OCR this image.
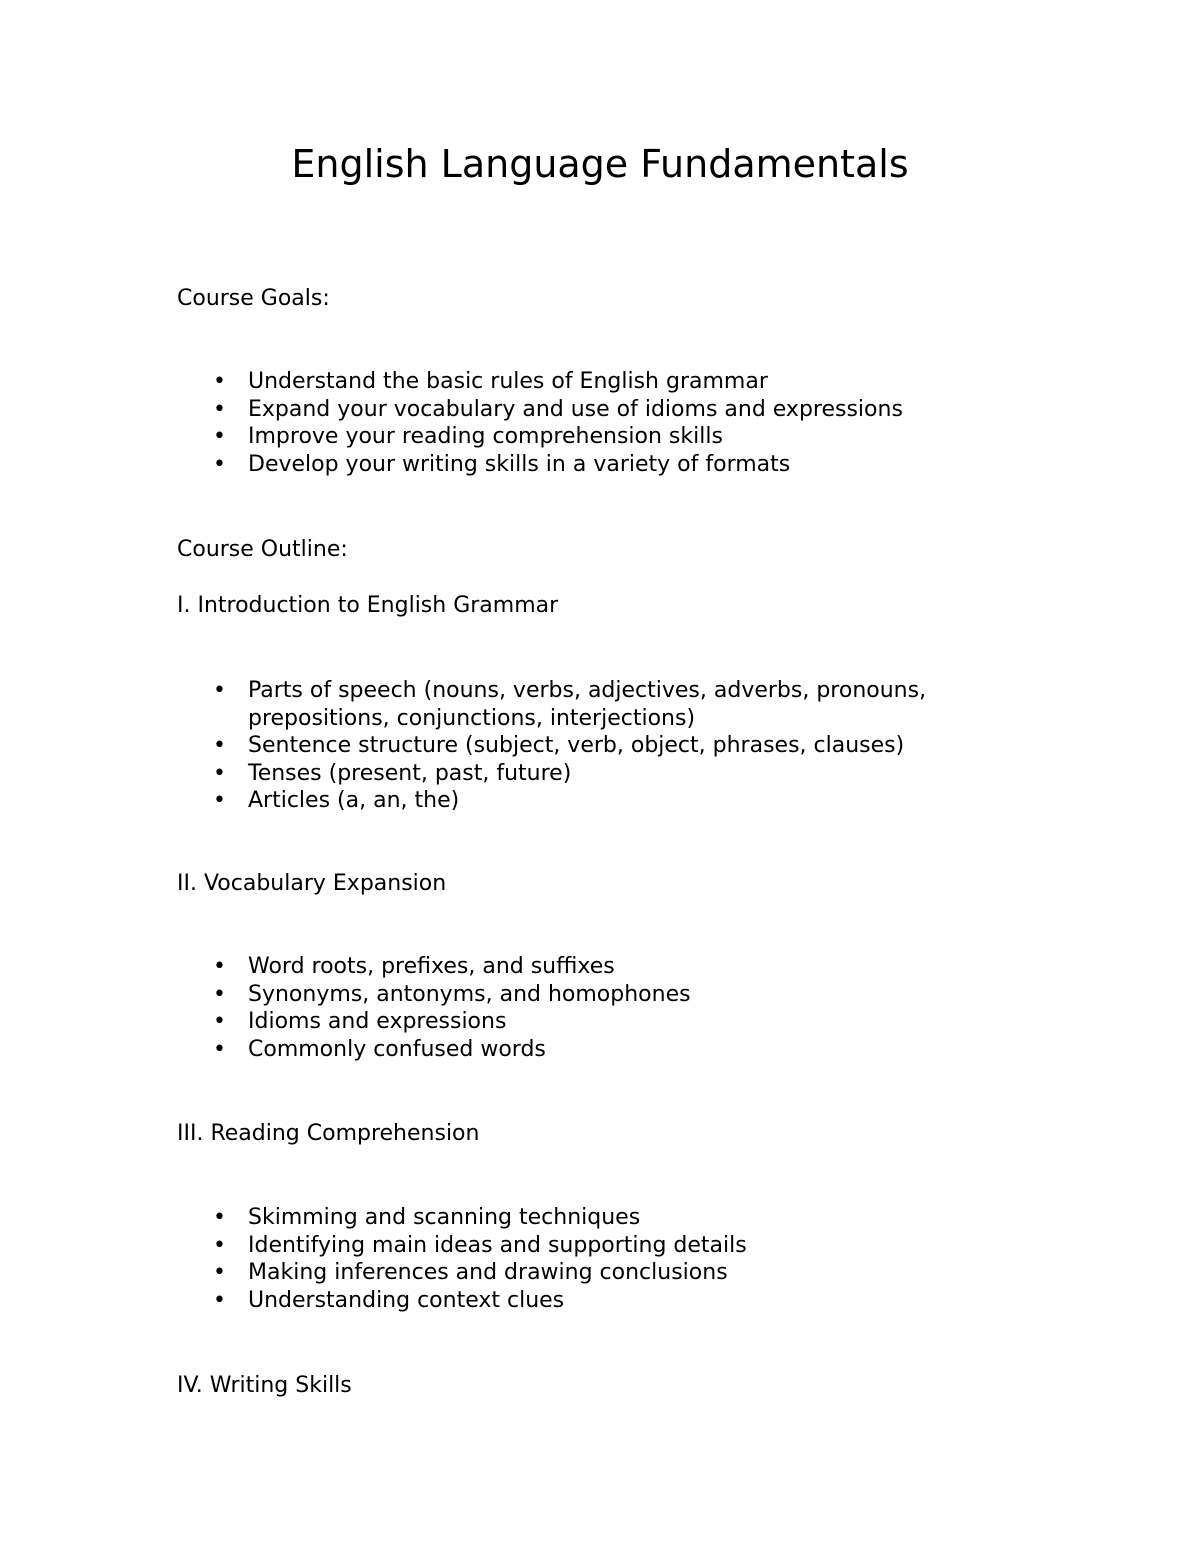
English Language Fundamentals

Course Goals:

• Understand the basic rules of English grammar
• Expand your vocabulary and use of idioms and expressions
• Improve your reading comprehension skills
• Develop your writing skills in a variety of formats

Course Outline:

I. Introduction to English Grammar

• Parts of speech (nouns, verbs, adjectives, adverbs, pronouns, prepositions, conjunctions, interjections)
• Sentence structure (subject, verb, object, phrases, clauses)
• Tenses (present, past, future)
• Articles (a, an, the)

II. Vocabulary Expansion

• Word roots, prefixes, and suffixes
• Synonyms, antonyms, and homophones
• Idioms and expressions
• Commonly confused words

III. Reading Comprehension

• Skimming and scanning techniques
• Identifying main ideas and supporting details
• Making inferences and drawing conclusions
• Understanding context clues

IV. Writing Skills
